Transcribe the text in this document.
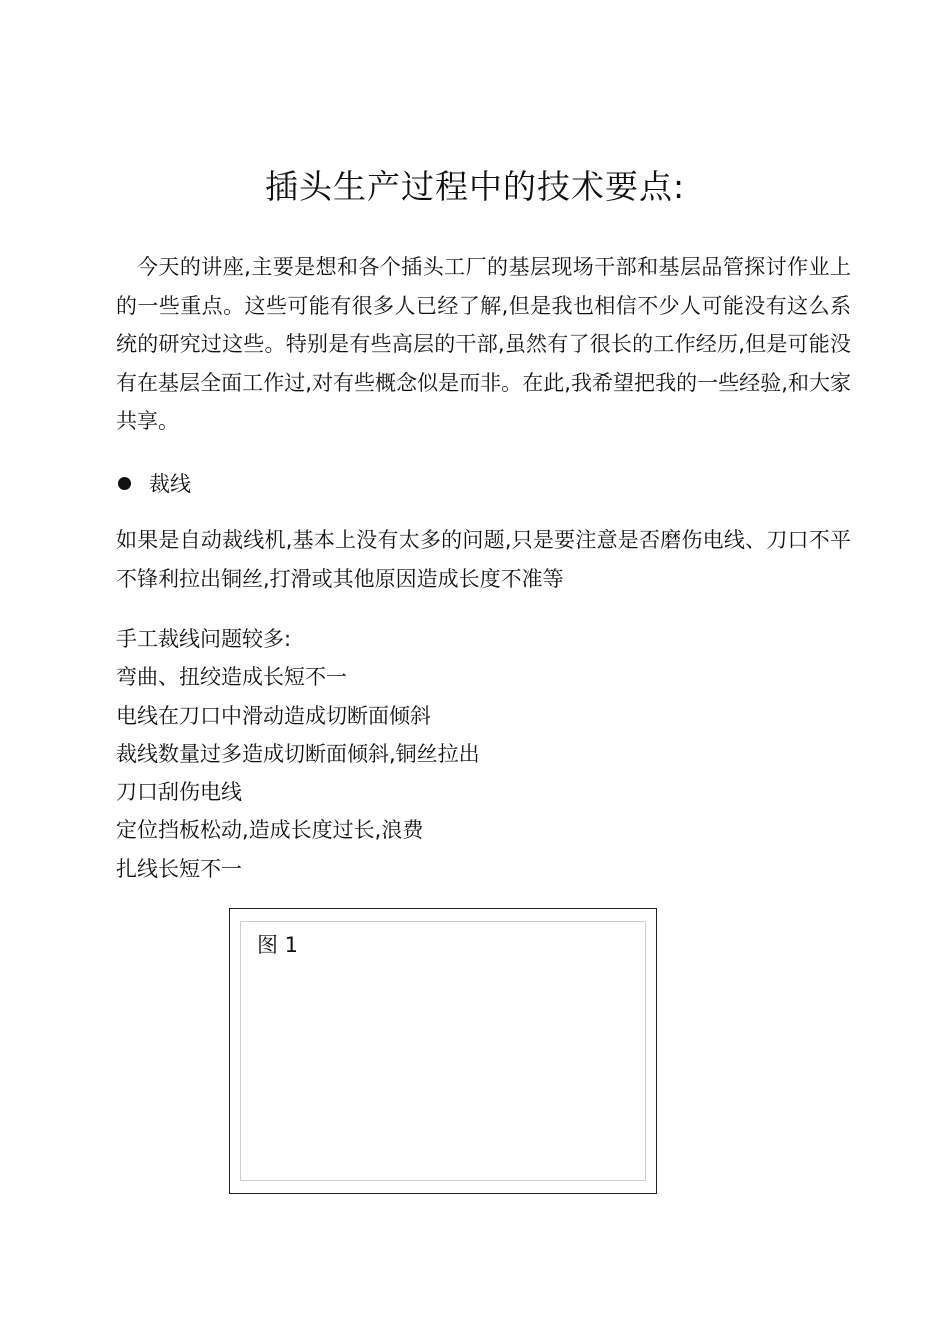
插头生产过程中的技术要点:
今天的讲座,主要是想和各个插头工厂的基层现场干部和基层品管探讨作业上的一些重点。这些可能有很多人已经了解,但是我也相信不少人可能没有这么系统的研究过这些。特别是有些高层的干部,虽然有了很长的工作经历,但是可能没有在基层全面工作过,对有些概念似是而非。在此,我希望把我的一些经验,和大家共享。
裁线
如果是自动裁线机,基本上没有太多的问题,只是要注意是否磨伤电线、刀口不平不锋利拉出铜丝,打滑或其他原因造成长度不准等
手工裁线问题较多:
弯曲、扭绞造成长短不一
电线在刀口中滑动造成切断面倾斜
裁线数量过多造成切断面倾斜,铜丝拉出
刀口刮伤电线
定位挡板松动,造成长度过长,浪费
扎线长短不一
图 1
